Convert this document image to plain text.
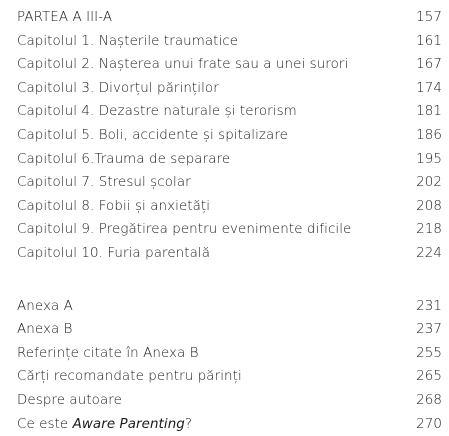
PARTEA A III-A	157
Capitolul 1. Nașterile traumatice	161
Capitolul 2. Nașterea unui frate sau a unei surori	167
Capitolul 3. Divorțul părinților	174
Capitolul 4. Dezastre naturale și terorism	181
Capitolul 5. Boli, accidente și spitalizare	186
Capitolul 6.Trauma de separare	195
Capitolul 7. Stresul școlar	202
Capitolul 8. Fobii și anxietăți	208
Capitolul 9. Pregătirea pentru evenimente dificile	218
Capitolul 10. Furia parentală	224
Anexa A	231
Anexa B	237
Referințe citate în Anexa B	255
Cărți recomandate pentru părinți	265
Despre autoare	268
Ce este Aware Parenting?	270
